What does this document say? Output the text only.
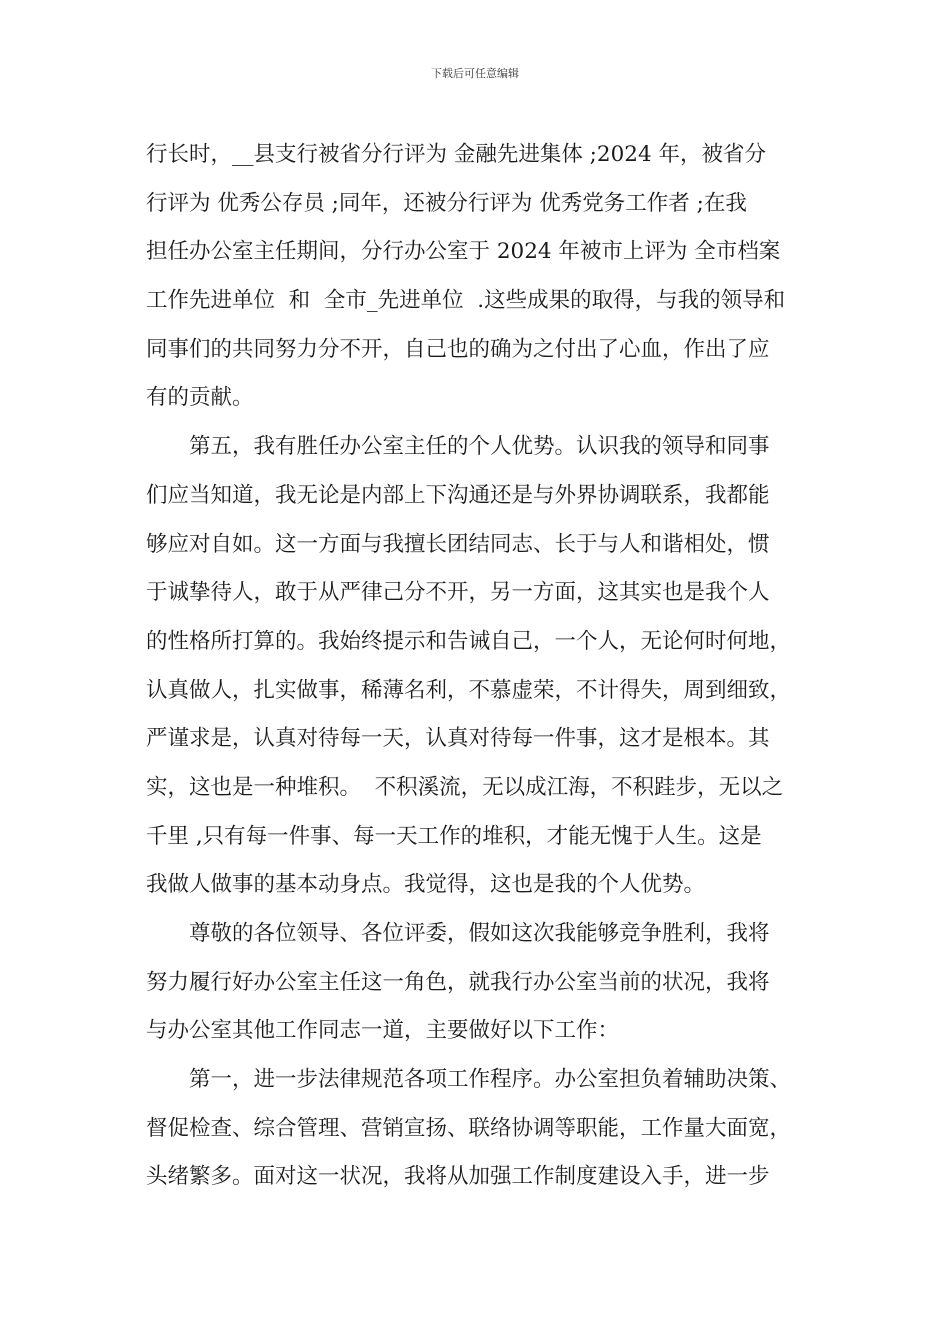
下载后可任意编辑
行长时，__县支行被省分行评为 金融先进集体 ;2024 年，被省分
行评为 优秀公存员 ;同年，还被分行评为 优秀党务工作者 ;在我
担任办公室主任期间，分行办公室于 2024 年被市上评为 全市档案
工作先进单位  和  全市_先进单位  .这些成果的取得，与我的领导和
同事们的共同努力分不开，自己也的确为之付出了心血，作出了应
有的贡献。
第五，我有胜任办公室主任的个人优势。认识我的领导和同事
们应当知道，我无论是内部上下沟通还是与外界协调联系，我都能
够应对自如。这一方面与我擅长团结同志、长于与人和谐相处，惯
于诚挚待人，敢于从严律己分不开，另一方面，这其实也是我个人
的性格所打算的。我始终提示和告诫自己，一个人，无论何时何地，
认真做人，扎实做事，稀薄名利，不慕虚荣，不计得失，周到细致，
严谨求是，认真对待每一天，认真对待每一件事，这才是根本。其
实，这也是一种堆积。  不积溪流，无以成江海，不积跬步，无以之
千里 ,只有每一件事、每一天工作的堆积，才能无愧于人生。这是
我做人做事的基本动身点。我觉得，这也是我的个人优势。
尊敬的各位领导、各位评委，假如这次我能够竞争胜利，我将
努力履行好办公室主任这一角色，就我行办公室当前的状况，我将
与办公室其他工作同志一道，主要做好以下工作：
第一，进一步法律规范各项工作程序。办公室担负着辅助决策、
督促检查、综合管理、营销宣扬、联络协调等职能，工作量大面宽，
头绪繁多。面对这一状况，我将从加强工作制度建设入手，进一步
